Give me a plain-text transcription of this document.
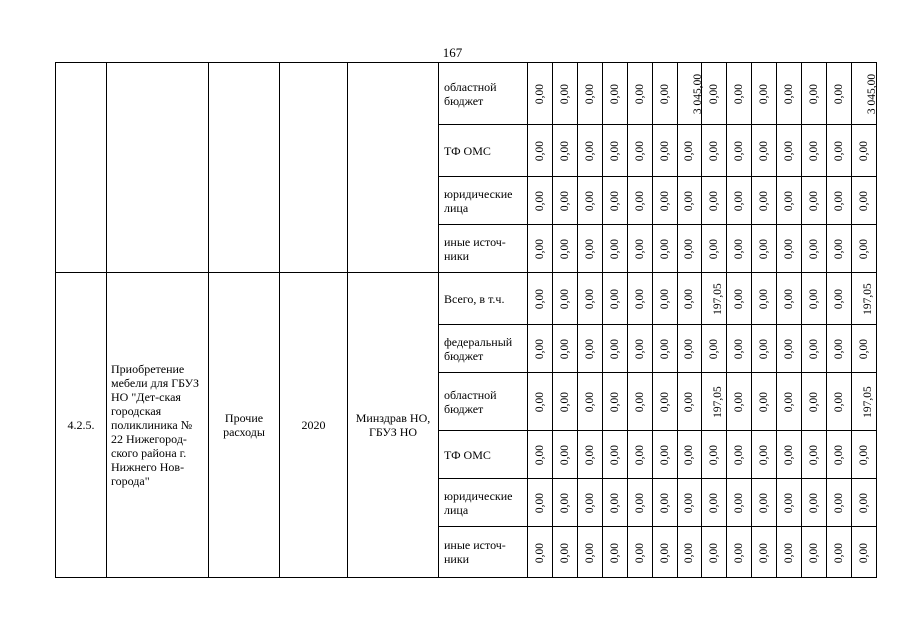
167
					областной бюджет	0,00	0,00	0,00	0,00	0,00	0,00	3 045,00	0,00	0,00	0,00	0,00	0,00	0,00	3 045,00
					ТФ ОМС	0,00	0,00	0,00	0,00	0,00	0,00	0,00	0,00	0,00	0,00	0,00	0,00	0,00	0,00
					юридические лица	0,00	0,00	0,00	0,00	0,00	0,00	0,00	0,00	0,00	0,00	0,00	0,00	0,00	0,00
					иные источ-ники	0,00	0,00	0,00	0,00	0,00	0,00	0,00	0,00	0,00	0,00	0,00	0,00	0,00	0,00
4.2.5.	Приобретение мебели для ГБУЗ НО "Дет-ская городская поликлиника № 22 Нижегород-ского района г. Нижнего Нов-города"	Прочие расходы	2020	Минздрав НО, ГБУЗ НО	Всего, в т.ч.	0,00	0,00	0,00	0,00	0,00	0,00	0,00	197,05	0,00	0,00	0,00	0,00	0,00	197,05
					федеральный бюджет	0,00	0,00	0,00	0,00	0,00	0,00	0,00	0,00	0,00	0,00	0,00	0,00	0,00	0,00
					областной бюджет	0,00	0,00	0,00	0,00	0,00	0,00	0,00	197,05	0,00	0,00	0,00	0,00	0,00	197,05
					ТФ ОМС	0,00	0,00	0,00	0,00	0,00	0,00	0,00	0,00	0,00	0,00	0,00	0,00	0,00	0,00
					юридические лица	0,00	0,00	0,00	0,00	0,00	0,00	0,00	0,00	0,00	0,00	0,00	0,00	0,00	0,00
					иные источ-ники	0,00	0,00	0,00	0,00	0,00	0,00	0,00	0,00	0,00	0,00	0,00	0,00	0,00	0,00
